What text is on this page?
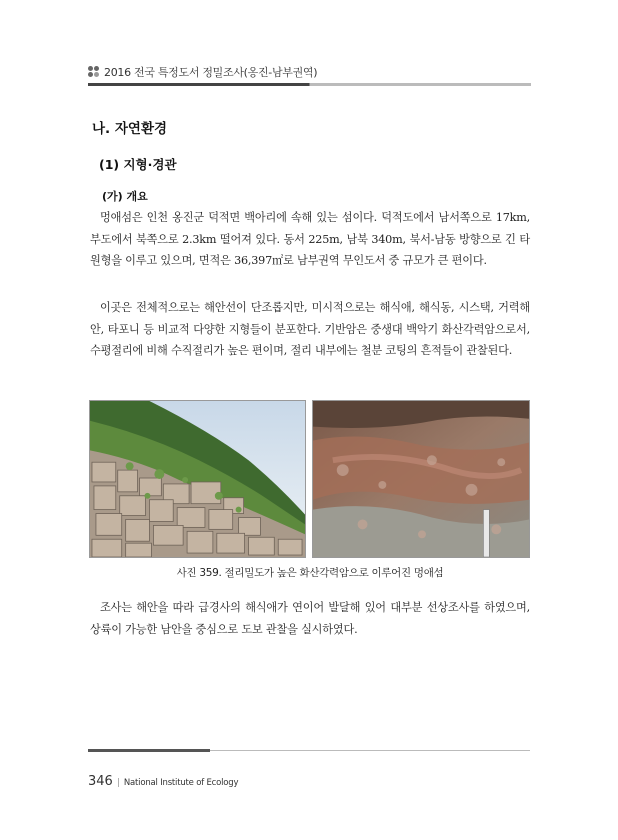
2016 전국 특정도서 정밀조사(옹진-남부권역)
나. 자연환경
(1) 지형·경관
(가) 개요

멍애섬은 인천 옹진군 덕적면 백아리에 속해 있는 섬이다. 덕적도에서 남서쪽으로 17km, 부도에서 북쪽으로 2.3km 떨어져 있다. 동서 225m, 남북 340m, 북서-남동 방향으로 긴 타원형을 이루고 있으며, 면적은 36,397㎡로 남부권역 무인도서 중 규모가 큰 편이다.

이곳은 전체적으로는 해안선이 단조롭지만, 미시적으로는 해식애, 해식동, 시스택, 거력해안, 타포니 등 비교적 다양한 지형들이 분포한다. 기반암은 중생대 백악기 화산각력암으로서, 수평절리에 비해 수직절리가 높은 편이며, 절리 내부에는 철분 코팅의 흔적들이 관찰된다.

사진 359. 절리밀도가 높은 화산각력암으로 이루어진 멍애섬

조사는 해안을 따라 급경사의 해식애가 연이어 발달해 있어 대부분 선상조사를 하였으며, 상륙이 가능한 남안을 중심으로 도보 관찰을 실시하였다.

346 | National Institute of Ecology
